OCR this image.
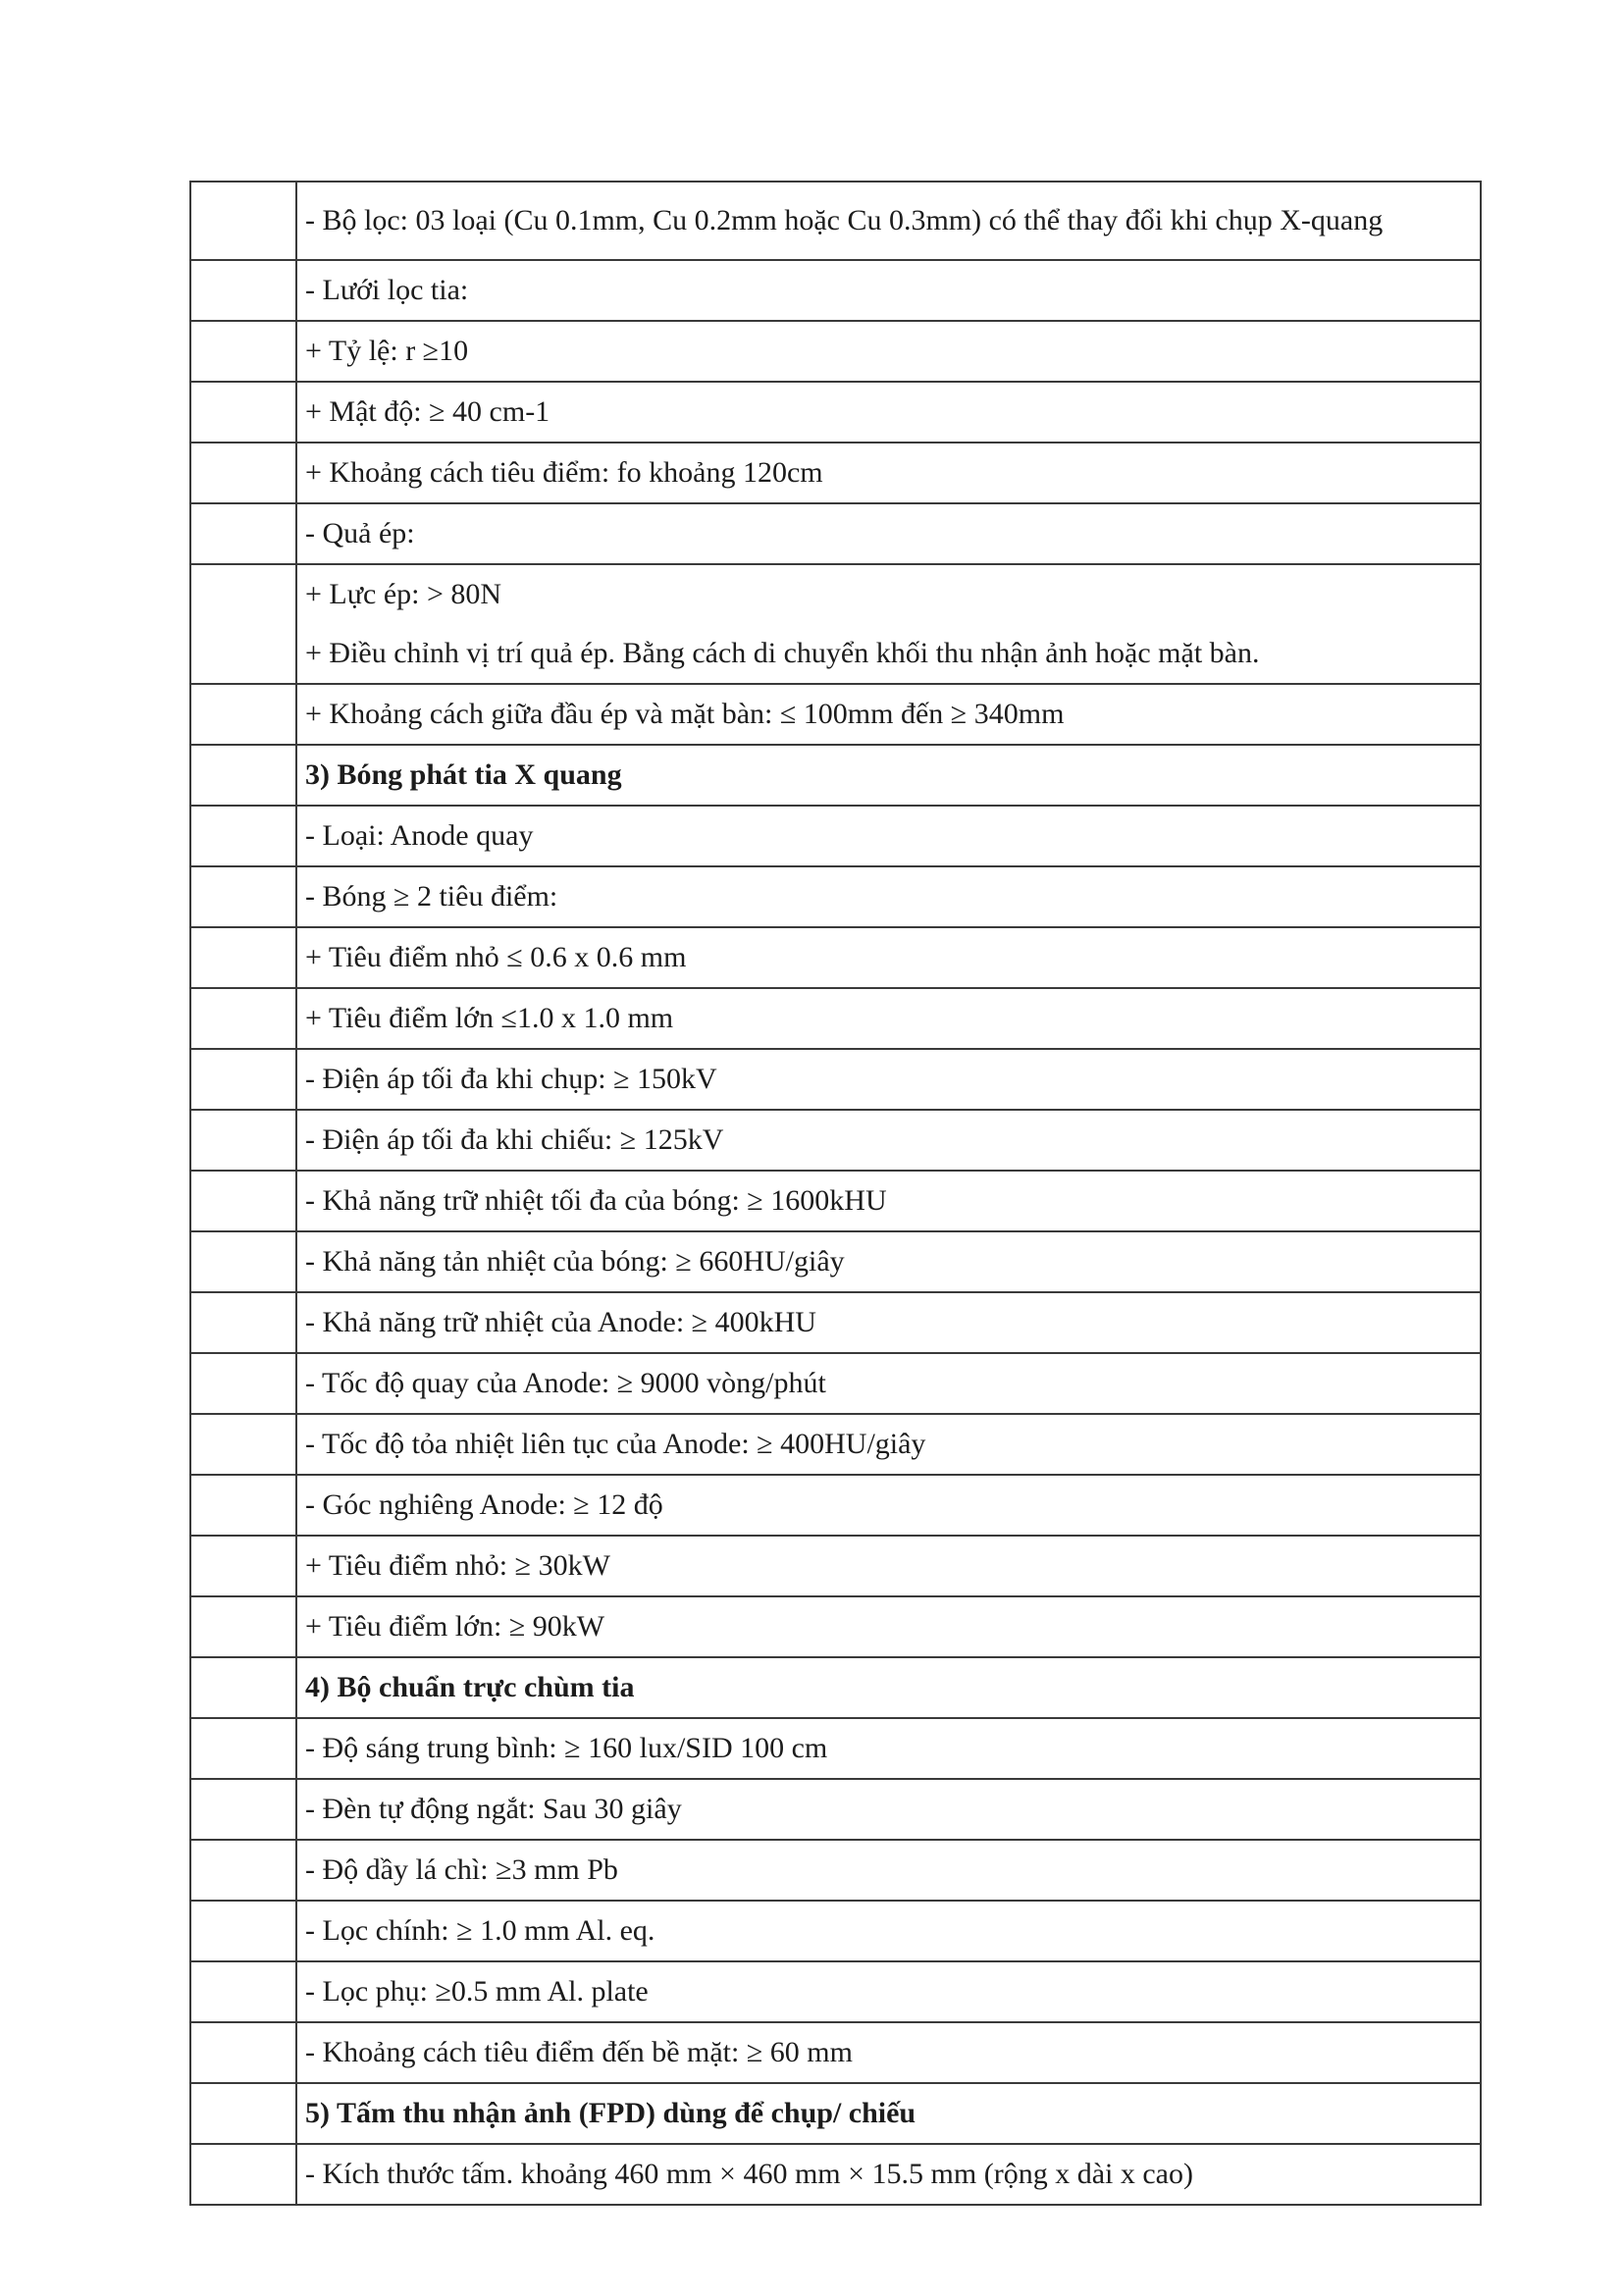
	- Bộ lọc: 03 loại (Cu 0.1mm, Cu 0.2mm hoặc Cu 0.3mm) có thể thay đổi khi chụp X-quang

	- Lưới lọc tia:

	+ Tỷ lệ: r ≥10

	+ Mật độ: ≥ 40 cm-1

	+ Khoảng cách tiêu điểm: fo khoảng 120cm

	- Quả ép:

	+ Lực ép: > 80N
+ Điều chỉnh vị trí quả ép. Bằng cách di chuyển khối thu nhận ảnh hoặc mặt bàn.

	+ Khoảng cách giữa đầu ép và mặt bàn: ≤ 100mm đến ≥ 340mm

	3) Bóng phát tia X quang

	- Loại: Anode quay

	- Bóng ≥ 2 tiêu điểm:

	+ Tiêu điểm nhỏ ≤ 0.6 x 0.6 mm

	+ Tiêu điểm lớn ≤1.0 x 1.0 mm

	- Điện áp tối đa khi chụp: ≥ 150kV

	- Điện áp tối đa khi chiếu: ≥ 125kV

	- Khả năng trữ nhiệt tối đa của bóng: ≥ 1600kHU

	- Khả năng tản nhiệt của bóng: ≥ 660HU/giây

	- Khả năng trữ nhiệt của Anode: ≥ 400kHU

	- Tốc độ quay của Anode: ≥ 9000 vòng/phút

	- Tốc độ tỏa nhiệt liên tục của Anode: ≥ 400HU/giây

	- Góc nghiêng Anode: ≥ 12 độ

	+ Tiêu điểm nhỏ: ≥ 30kW

	+ Tiêu điểm lớn: ≥ 90kW

	4) Bộ chuẩn trực chùm tia

	- Độ sáng trung bình: ≥ 160 lux/SID 100 cm

	- Đèn tự động ngắt: Sau 30 giây

	- Độ dầy lá chì: ≥3 mm Pb

	- Lọc chính: ≥ 1.0 mm Al. eq.

	- Lọc phụ: ≥0.5 mm Al. plate

	- Khoảng cách tiêu điểm đến bề mặt: ≥ 60 mm

	5) Tấm thu nhận ảnh (FPD) dùng để chụp/ chiếu

	- Kích thước tấm. khoảng 460 mm × 460 mm × 15.5 mm (rộng x dài x cao)
